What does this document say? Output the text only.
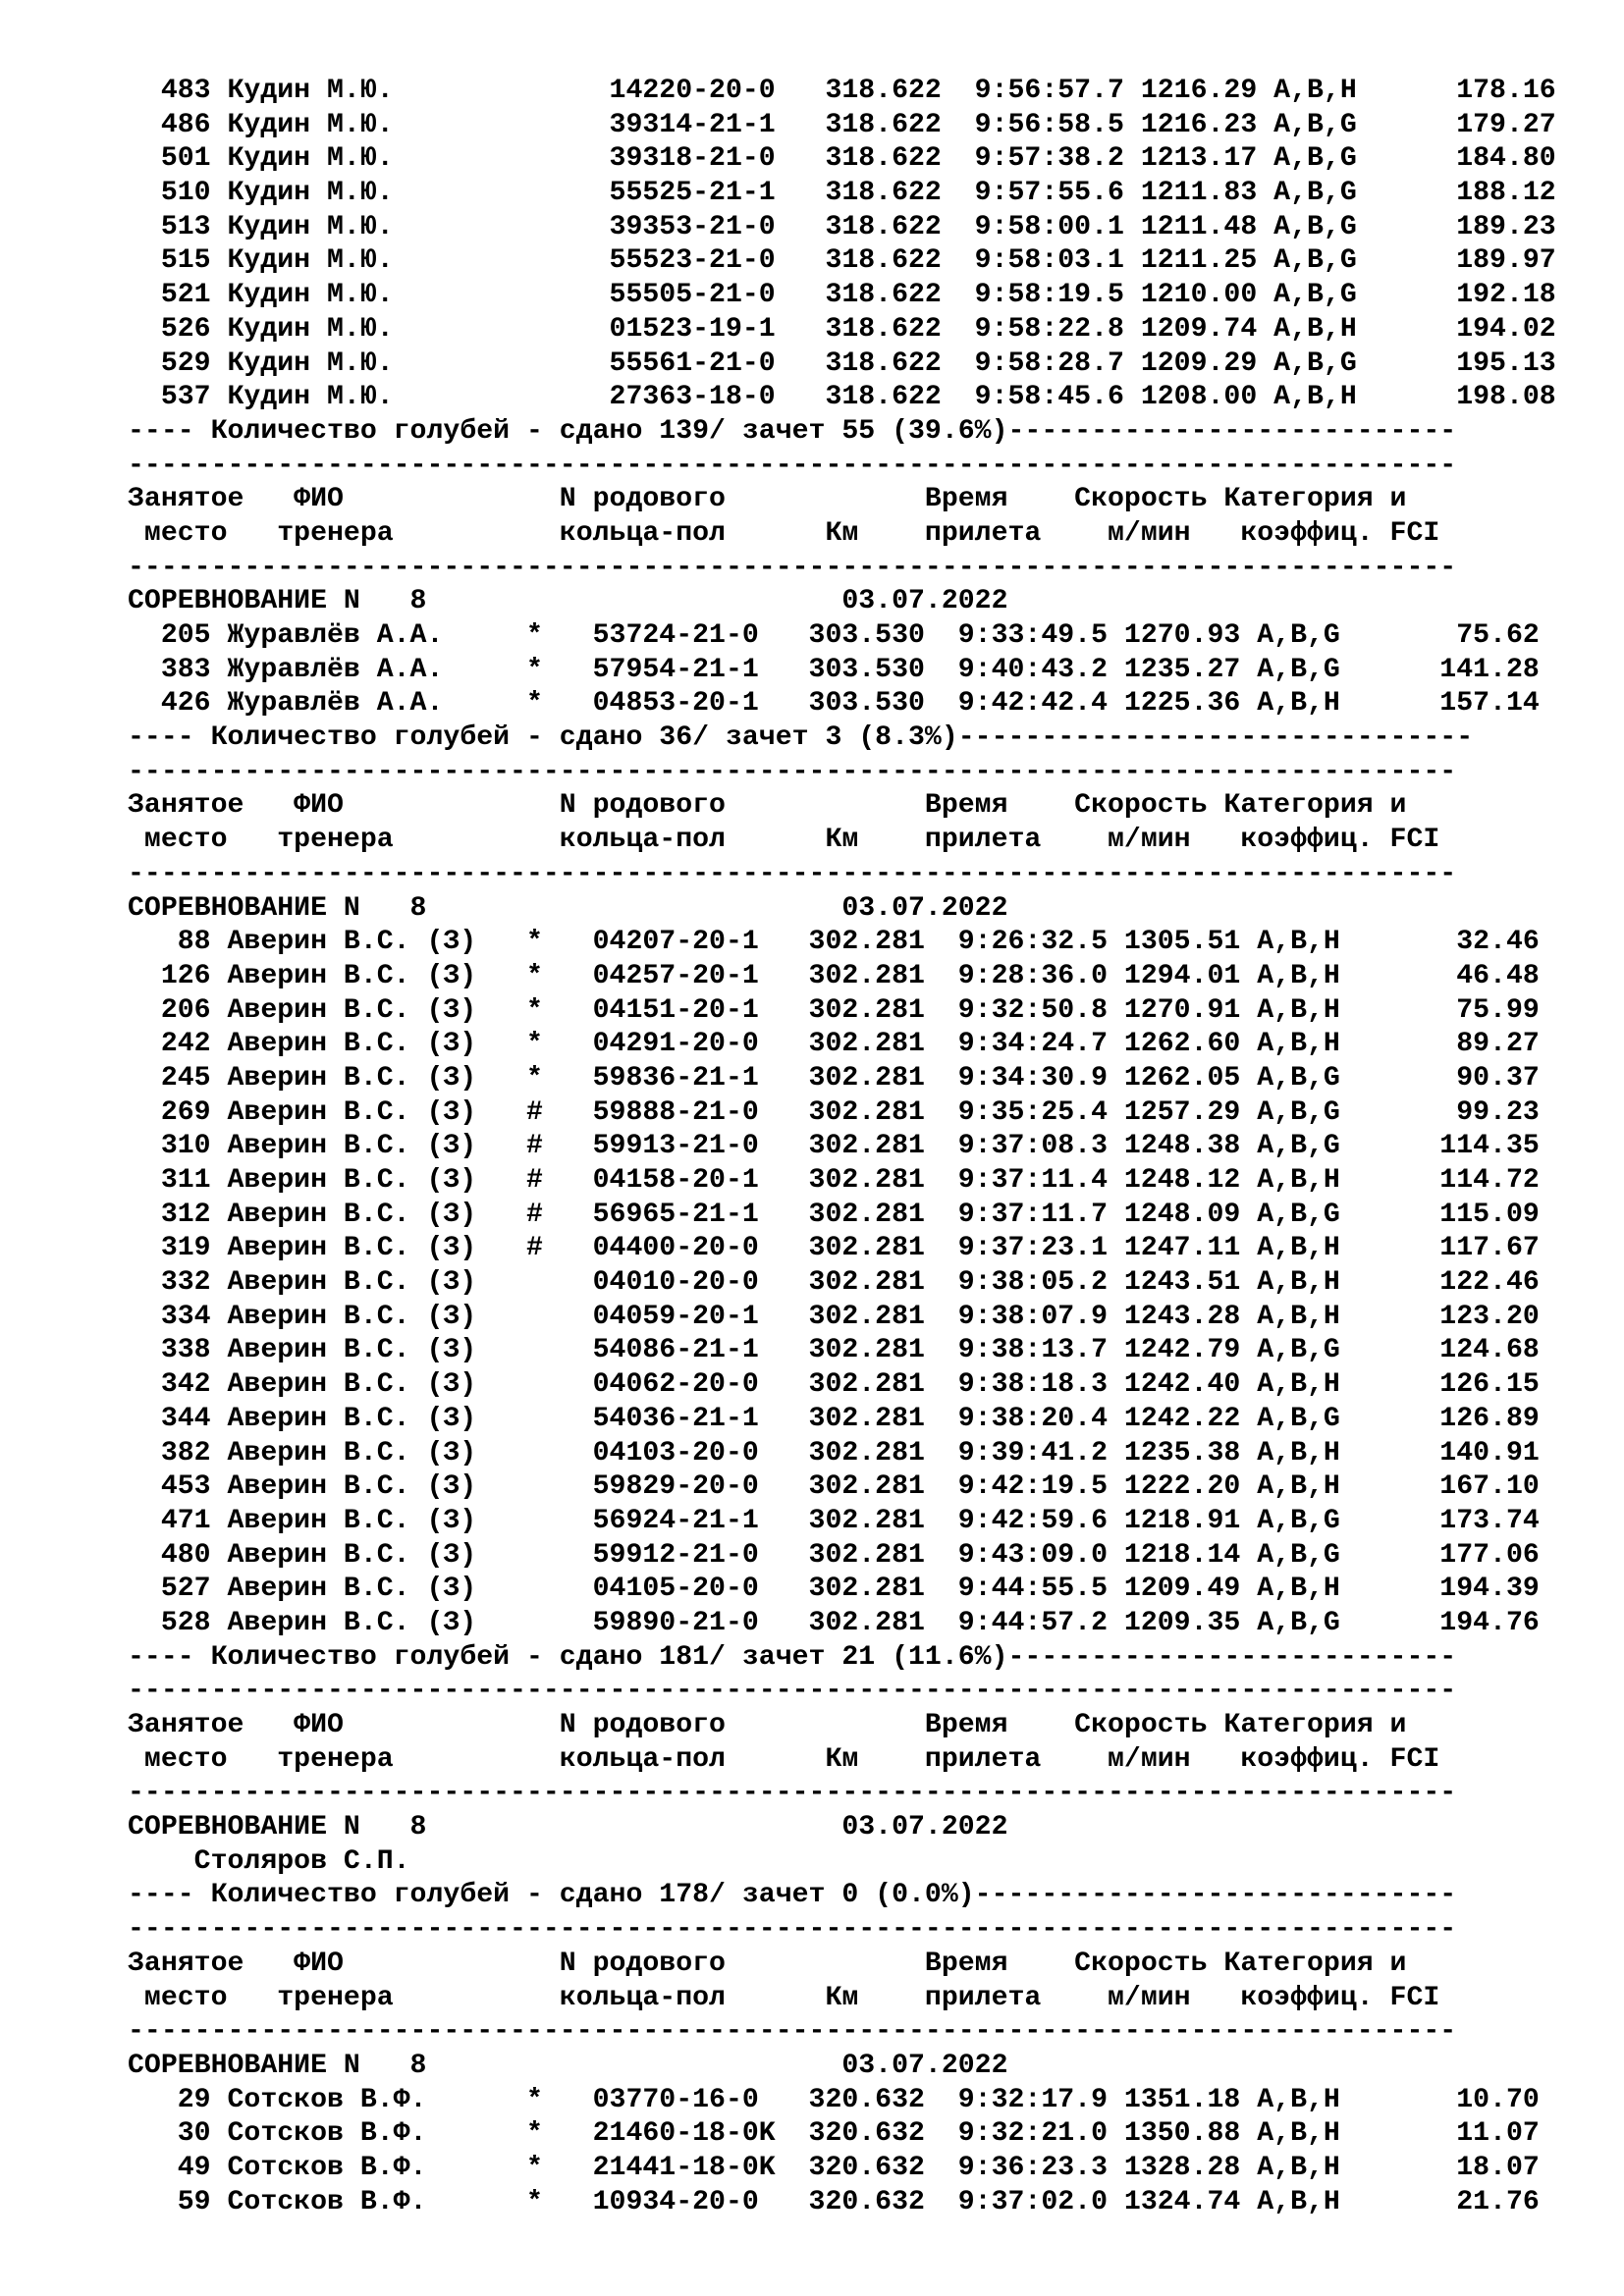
483 Кудин М.Ю.             14220-20-0   318.622  9:56:57.7 1216.29 A,B,H      178.16
486 Кудин М.Ю.             39314-21-1   318.622  9:56:58.5 1216.23 A,B,G      179.27
501 Кудин М.Ю.             39318-21-0   318.622  9:57:38.2 1213.17 A,B,G      184.80
510 Кудин М.Ю.             55525-21-1   318.622  9:57:55.6 1211.83 A,B,G      188.12
513 Кудин М.Ю.             39353-21-0   318.622  9:58:00.1 1211.48 A,B,G      189.23
515 Кудин М.Ю.             55523-21-0   318.622  9:58:03.1 1211.25 A,B,G      189.97
521 Кудин М.Ю.             55505-21-0   318.622  9:58:19.5 1210.00 A,B,G      192.18
526 Кудин М.Ю.             01523-19-1   318.622  9:58:22.8 1209.74 A,B,H      194.02
529 Кудин М.Ю.             55561-21-0   318.622  9:58:28.7 1209.29 A,B,G      195.13
537 Кудин М.Ю.             27363-18-0   318.622  9:58:45.6 1208.00 A,B,H      198.08
---- Количество голубей - сдано 139/ зачет 55 (39.6%)---------------------------
--------------------------------------------------------------------------------
Занятое   ФИО             N родового            Время    Скорость Категория и
место   тренера          кольца-пол      Км    прилета    м/мин   коэффиц. FCI
--------------------------------------------------------------------------------
СОРЕВНОВАНИЕ N   8                         03.07.2022
205 Журавлёв А.А.     *   53724-21-0   303.530  9:33:49.5 1270.93 A,B,G       75.62
383 Журавлёв А.А.     *   57954-21-1   303.530  9:40:43.2 1235.27 A,B,G      141.28
426 Журавлёв А.А.     *   04853-20-1   303.530  9:42:42.4 1225.36 A,B,H      157.14
---- Количество голубей - сдано 36/ зачет 3 (8.3%)-------------------------------
--------------------------------------------------------------------------------
Занятое   ФИО             N родового            Время    Скорость Категория и
место   тренера          кольца-пол      Км    прилета    м/мин   коэффиц. FCI
--------------------------------------------------------------------------------
СОРЕВНОВАНИЕ N   8                         03.07.2022
88 Аверин В.С. (З)   *   04207-20-1   302.281  9:26:32.5 1305.51 A,B,H       32.46
126 Аверин В.С. (З)   *   04257-20-1   302.281  9:28:36.0 1294.01 A,B,H       46.48
206 Аверин В.С. (З)   *   04151-20-1   302.281  9:32:50.8 1270.91 A,B,H       75.99
242 Аверин В.С. (З)   *   04291-20-0   302.281  9:34:24.7 1262.60 A,B,H       89.27
245 Аверин В.С. (З)   *   59836-21-1   302.281  9:34:30.9 1262.05 A,B,G       90.37
269 Аверин В.С. (З)   #   59888-21-0   302.281  9:35:25.4 1257.29 A,B,G       99.23
310 Аверин В.С. (З)   #   59913-21-0   302.281  9:37:08.3 1248.38 A,B,G      114.35
311 Аверин В.С. (З)   #   04158-20-1   302.281  9:37:11.4 1248.12 A,B,H      114.72
312 Аверин В.С. (З)   #   56965-21-1   302.281  9:37:11.7 1248.09 A,B,G      115.09
319 Аверин В.С. (З)   #   04400-20-0   302.281  9:37:23.1 1247.11 A,B,H      117.67
332 Аверин В.С. (З)       04010-20-0   302.281  9:38:05.2 1243.51 A,B,H      122.46
334 Аверин В.С. (З)       04059-20-1   302.281  9:38:07.9 1243.28 A,B,H      123.20
338 Аверин В.С. (З)       54086-21-1   302.281  9:38:13.7 1242.79 A,B,G      124.68
342 Аверин В.С. (З)       04062-20-0   302.281  9:38:18.3 1242.40 A,B,H      126.15
344 Аверин В.С. (З)       54036-21-1   302.281  9:38:20.4 1242.22 A,B,G      126.89
382 Аверин В.С. (З)       04103-20-0   302.281  9:39:41.2 1235.38 A,B,H      140.91
453 Аверин В.С. (З)       59829-20-0   302.281  9:42:19.5 1222.20 A,B,H      167.10
471 Аверин В.С. (З)       56924-21-1   302.281  9:42:59.6 1218.91 A,B,G      173.74
480 Аверин В.С. (З)       59912-21-0   302.281  9:43:09.0 1218.14 A,B,G      177.06
527 Аверин В.С. (З)       04105-20-0   302.281  9:44:55.5 1209.49 A,B,H      194.39
528 Аверин В.С. (З)       59890-21-0   302.281  9:44:57.2 1209.35 A,B,G      194.76
---- Количество голубей - сдано 181/ зачет 21 (11.6%)---------------------------
--------------------------------------------------------------------------------
Занятое   ФИО             N родового            Время    Скорость Категория и
место   тренера          кольца-пол      Км    прилета    м/мин   коэффиц. FCI
--------------------------------------------------------------------------------
СОРЕВНОВАНИЕ N   8                         03.07.2022
Столяров С.П.
---- Количество голубей - сдано 178/ зачет 0 (0.0%)-----------------------------
--------------------------------------------------------------------------------
Занятое   ФИО             N родового            Время    Скорость Категория и
место   тренера          кольца-пол      Км    прилета    м/мин   коэффиц. FCI
--------------------------------------------------------------------------------
СОРЕВНОВАНИЕ N   8                         03.07.2022
29 Сотсков В.Ф.      *   03770-16-0   320.632  9:32:17.9 1351.18 A,B,H       10.70
30 Сотсков В.Ф.      *   21460-18-0K  320.632  9:32:21.0 1350.88 A,B,H       11.07
49 Сотсков В.Ф.      *   21441-18-0K  320.632  9:36:23.3 1328.28 A,B,H       18.07
59 Сотсков В.Ф.      *   10934-20-0   320.632  9:37:02.0 1324.74 A,B,H       21.76
